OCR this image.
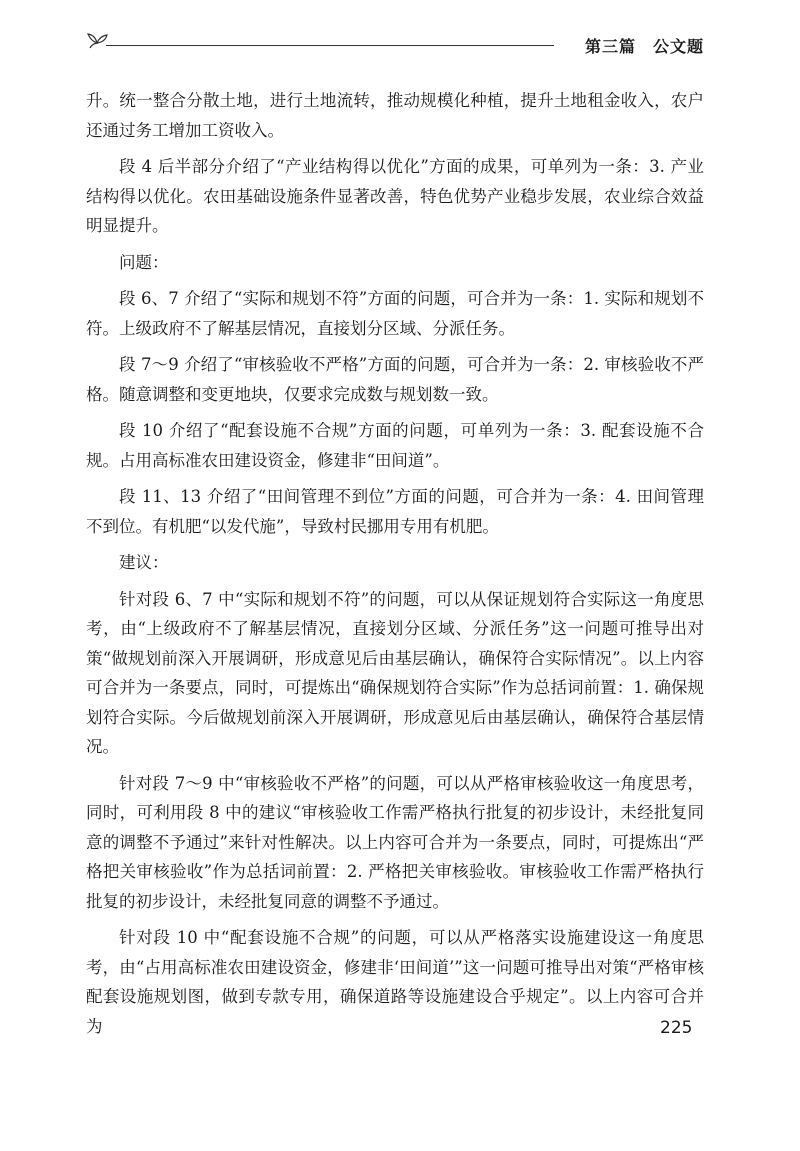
第三篇　公文题

升。统一整合分散土地，进行土地流转，推动规模化种植，提升土地租金收入，农户还通过务工增加工资收入。

段 4 后半部分介绍了“产业结构得以优化”方面的成果，可单列为一条：3. 产业结构得以优化。农田基础设施条件显著改善，特色优势产业稳步发展，农业综合效益明显提升。

问题：

段 6、7 介绍了“实际和规划不符”方面的问题，可合并为一条：1. 实际和规划不符。上级政府不了解基层情况，直接划分区域、分派任务。

段 7～9 介绍了“审核验收不严格”方面的问题，可合并为一条：2. 审核验收不严格。随意调整和变更地块，仅要求完成数与规划数一致。

段 10 介绍了“配套设施不合规”方面的问题，可单列为一条：3. 配套设施不合规。占用高标准农田建设资金，修建非“田间道”。

段 11、13 介绍了“田间管理不到位”方面的问题，可合并为一条：4. 田间管理不到位。有机肥“以发代施”，导致村民挪用专用有机肥。

建议：

针对段 6、7 中“实际和规划不符”的问题，可以从保证规划符合实际这一角度思考，由“上级政府不了解基层情况，直接划分区域、分派任务”这一问题可推导出对策“做规划前深入开展调研，形成意见后由基层确认，确保符合实际情况”。以上内容可合并为一条要点，同时，可提炼出“确保规划符合实际”作为总括词前置：1. 确保规划符合实际。今后做规划前深入开展调研，形成意见后由基层确认，确保符合基层情况。

针对段 7～9 中“审核验收不严格”的问题，可以从严格审核验收这一角度思考，同时，可利用段 8 中的建议“审核验收工作需严格执行批复的初步设计，未经批复同意的调整不予通过”来针对性解决。以上内容可合并为一条要点，同时，可提炼出“严格把关审核验收”作为总括词前置：2. 严格把关审核验收。审核验收工作需严格执行批复的初步设计，未经批复同意的调整不予通过。

针对段 10 中“配套设施不合规”的问题，可以从严格落实设施建设这一角度思考，由“占用高标准农田建设资金，修建非‘田间道’”这一问题可推导出对策“严格审核配套设施规划图，做到专款专用，确保道路等设施建设合乎规定”。以上内容可合并为	225
